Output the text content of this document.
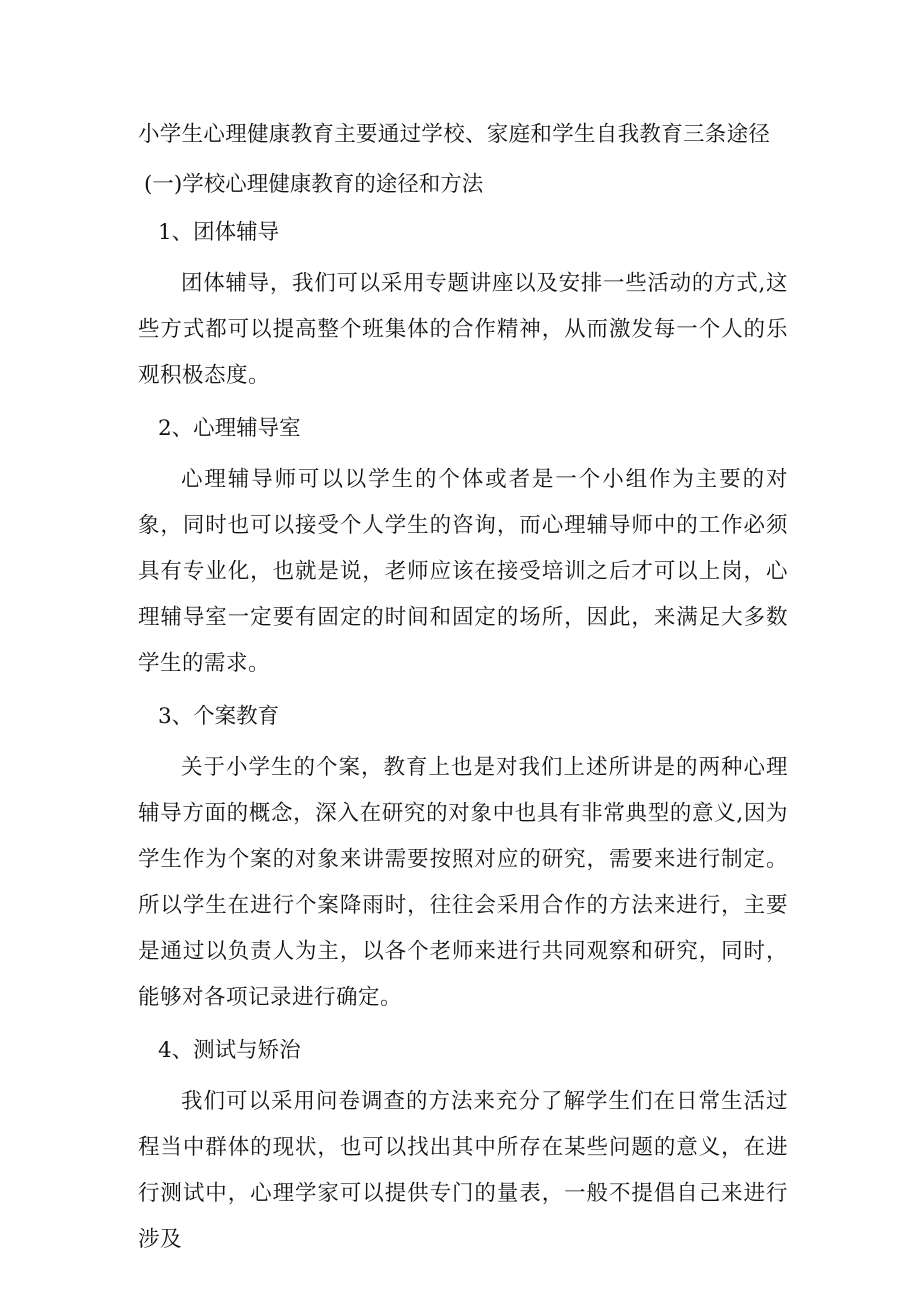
小学生心理健康教育主要通过学校、家庭和学生自我教育三条途径

(一)学校心理健康教育的途径和方法

1、团体辅导

团体辅导，我们可以采用专题讲座以及安排一些活动的方式,这些方式都可以提高整个班集体的合作精神，从而激发每一个人的乐观积极态度。

2、心理辅导室

心理辅导师可以以学生的个体或者是一个小组作为主要的对象，同时也可以接受个人学生的咨询，而心理辅导师中的工作必须具有专业化，也就是说，老师应该在接受培训之后才可以上岗，心理辅导室一定要有固定的时间和固定的场所，因此，来满足大多数学生的需求。

3、个案教育

关于小学生的个案，教育上也是对我们上述所讲是的两种心理辅导方面的概念，深入在研究的对象中也具有非常典型的意义,因为学生作为个案的对象来讲需要按照对应的研究，需要来进行制定。所以学生在进行个案降雨时，往往会采用合作的方法来进行，主要是通过以负责人为主，以各个老师来进行共同观察和研究，同时，能够对各项记录进行确定。

4、测试与矫治

我们可以采用问卷调查的方法来充分了解学生们在日常生活过程当中群体的现状，也可以找出其中所存在某些问题的意义，在进行测试中，心理学家可以提供专门的量表，一般不提倡自己来进行涉及
